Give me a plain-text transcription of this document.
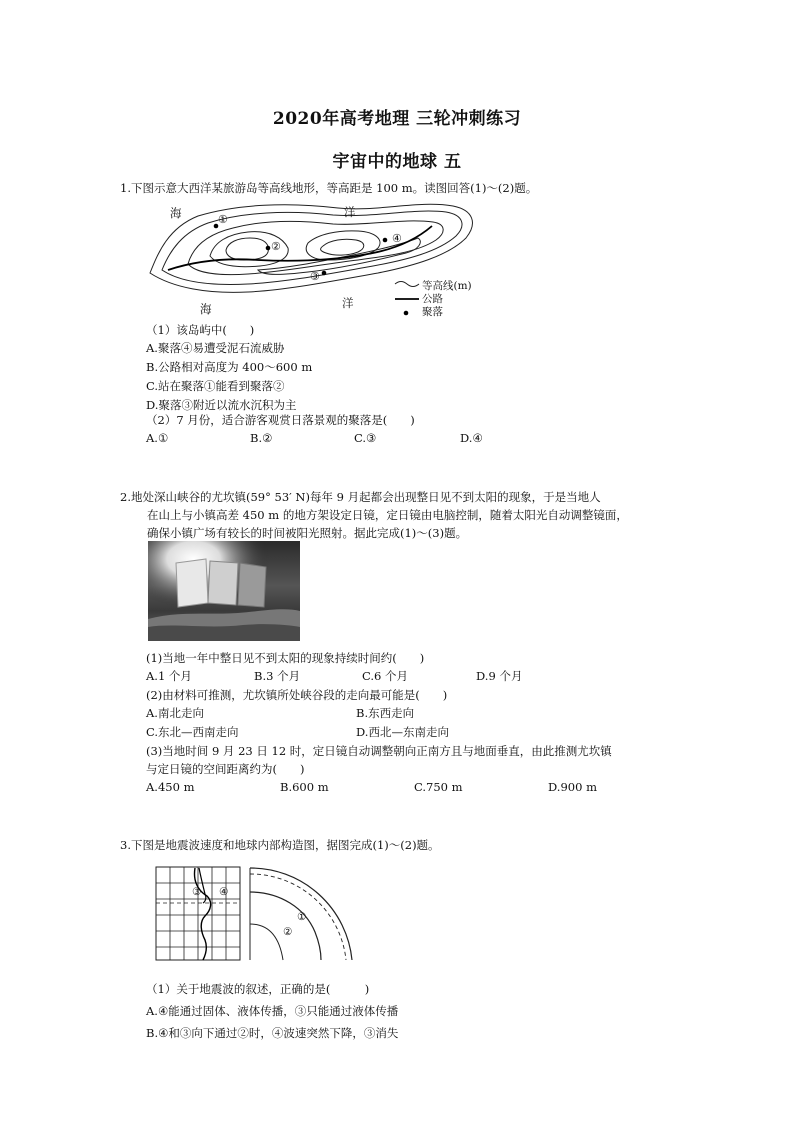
2020年高考地理 三轮冲刺练习
宇宙中的地球 五
1.下图示意大西洋某旅游岛等高线地形，等高距是 100 m。读图回答(1)～(2)题。
海	洋
海	洋
①
②
③
④
等高线(m)
公路
聚落
（1）该岛屿中(　　)
A.聚落④易遭受泥石流威胁
B.公路相对高度为 400～600 m
C.站在聚落①能看到聚落②
D.聚落③附近以流水沉积为主
（2）7 月份，适合游客观赏日落景观的聚落是(　　)
A.①	B.②	C.③	D.④
2.地处深山峡谷的尤坎镇(59° 53′ N)每年 9 月起都会出现整日见不到太阳的现象，于是当地人
在山上与小镇高差 450 m 的地方架设定日镜，定日镜由电脑控制，随着太阳光自动调整镜面，
确保小镇广场有较长的时间被阳光照射。据此完成(1)～(3)题。
(1)当地一年中整日见不到太阳的现象持续时间约(　　)
A.1 个月	B.3 个月	C.6 个月	D.9 个月
(2)由材料可推测，尤坎镇所处峡谷段的走向最可能是(　　)
A.南北走向	B.东西走向
C.东北—西南走向	D.西北—东南走向
(3)当地时间 9 月 23 日 12 时，定日镜自动调整朝向正南方且与地面垂直，由此推测尤坎镇
与定日镜的空间距离约为(　　)
A.450 m	B.600 m	C.750 m	D.900 m
3.下图是地震波速度和地球内部构造图，据图完成(1)～(2)题。
③ ④
①
②
（1）关于地震波的叙述，正确的是(　　　)
A.④能通过固体、液体传播，③只能通过液体传播
B.④和③向下通过②时，④波速突然下降，③消失
